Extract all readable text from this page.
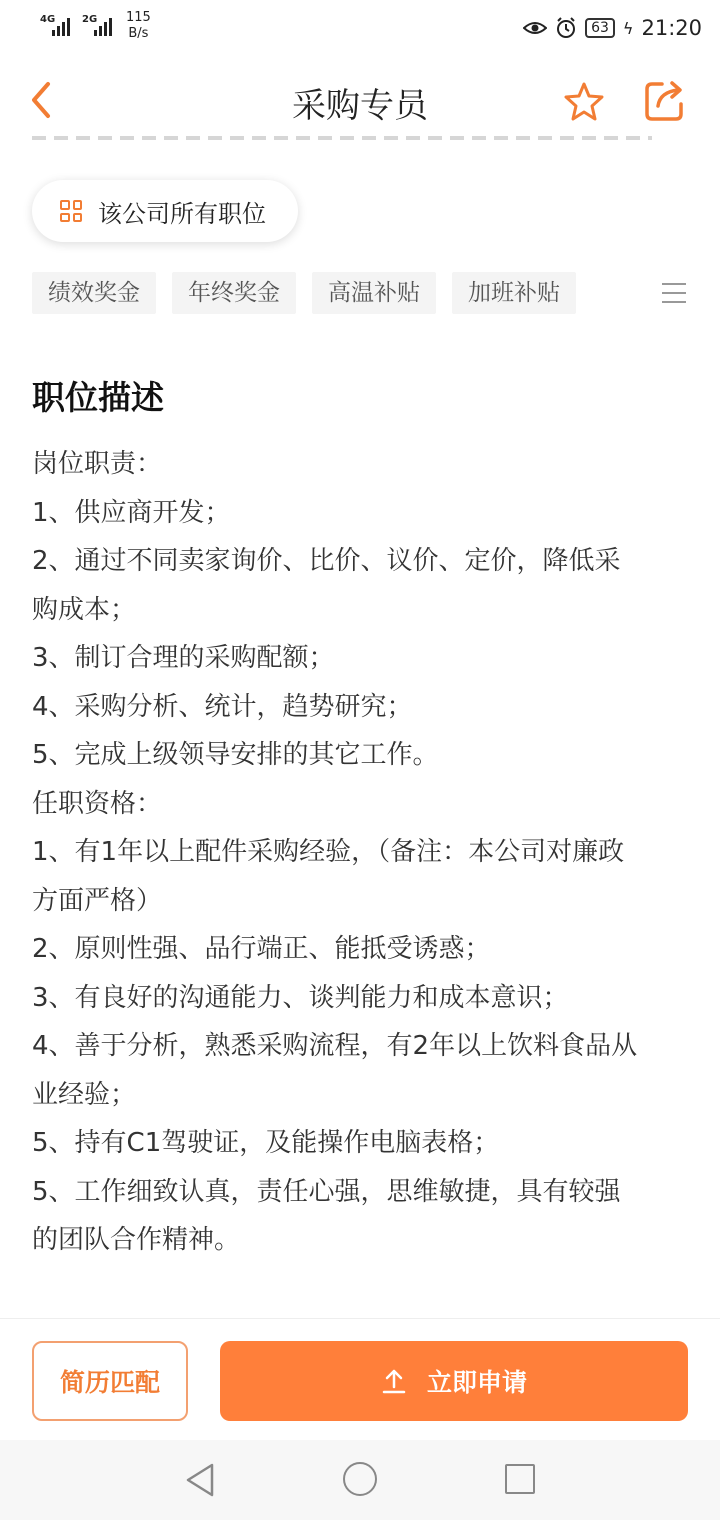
4G	2G 115
B/s	63 ϟ 21:20
采购专员
该公司所有职位
绩效奖金	年终奖金	高温补贴	加班补贴
职位描述
岗位职责：
1、供应商开发；
2、通过不同卖家询价、比价、议价、定价，降低采
购成本；
3、制订合理的采购配额；
4、采购分析、统计，趋势研究；
5、完成上级领导安排的其它工作。
任职资格：
1、有1年以上配件采购经验，（备注：本公司对廉政
方面严格）
2、原则性强、品行端正、能抵受诱惑；
3、有良好的沟通能力、谈判能力和成本意识；
4、善于分析，熟悉采购流程，有2年以上饮料食品从
业经验；
5、持有C1驾驶证，及能操作电脑表格；
5、工作细致认真，责任心强，思维敏捷，具有较强
的团队合作精神。
简历匹配	立即申请
